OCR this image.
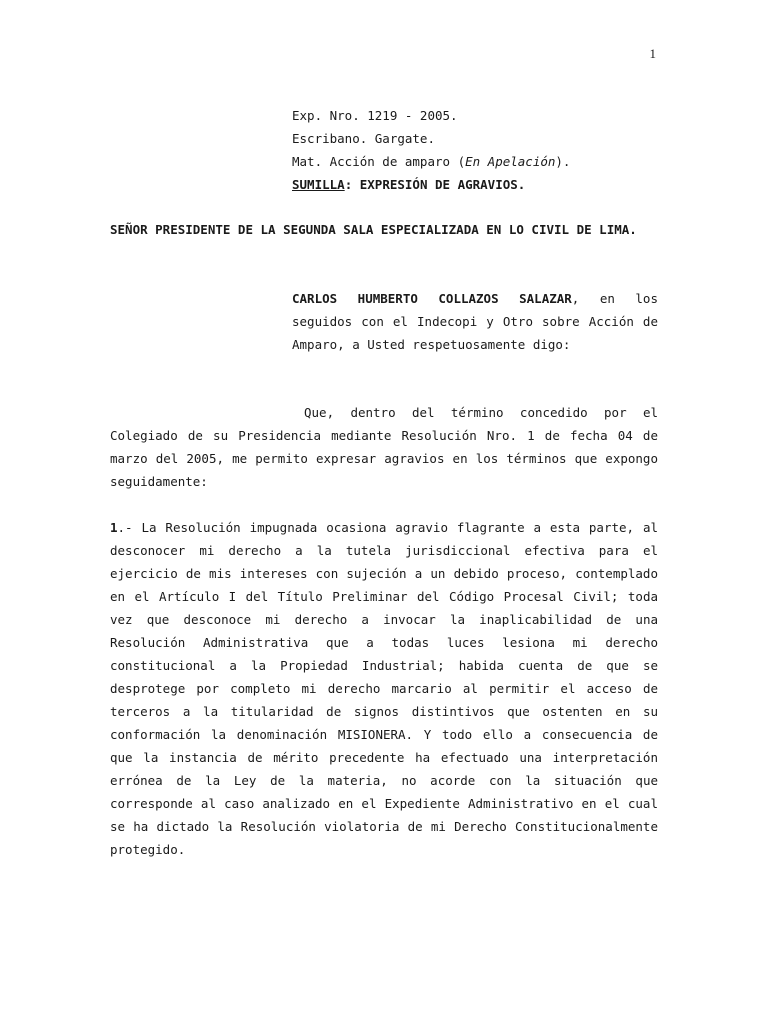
1
Exp. Nro. 1219 - 2005.
Escribano. Gargate.
Mat. Acción de amparo (En Apelación).
SUMILLA: EXPRESIÓN DE AGRAVIOS.

SEÑOR PRESIDENTE DE LA SEGUNDA SALA ESPECIALIZADA EN LO CIVIL DE LIMA.

CARLOS HUMBERTO COLLAZOS SALAZAR, en los seguidos con el Indecopi y Otro sobre Acción de Amparo, a Usted respetuosamente digo:

Que, dentro del término concedido por el Colegiado de su Presidencia mediante Resolución Nro. 1 de fecha 04 de marzo del 2005, me permito expresar agravios en los términos que expongo seguidamente:

1.- La Resolución impugnada ocasiona agravio flagrante a esta parte, al desconocer mi derecho a la tutela jurisdiccional efectiva para el ejercicio de mis intereses con sujeción a un debido proceso, contemplado en el Artículo I del Título Preliminar del Código Procesal Civil; toda vez que desconoce mi derecho a invocar la inaplicabilidad de una Resolución Administrativa que a todas luces lesiona mi derecho constitucional a la Propiedad Industrial; habida cuenta de que se desprotege por completo mi derecho marcario al permitir el acceso de terceros a la titularidad de signos distintivos que ostenten en su conformación la denominación MISIONERA. Y todo ello a consecuencia de que la instancia de mérito precedente ha efectuado una interpretación errónea de la Ley de la materia, no acorde con la situación que corresponde al caso analizado en el Expediente Administrativo en el cual se ha dictado la Resolución violatoria de mi Derecho Constitucionalmente protegido.
